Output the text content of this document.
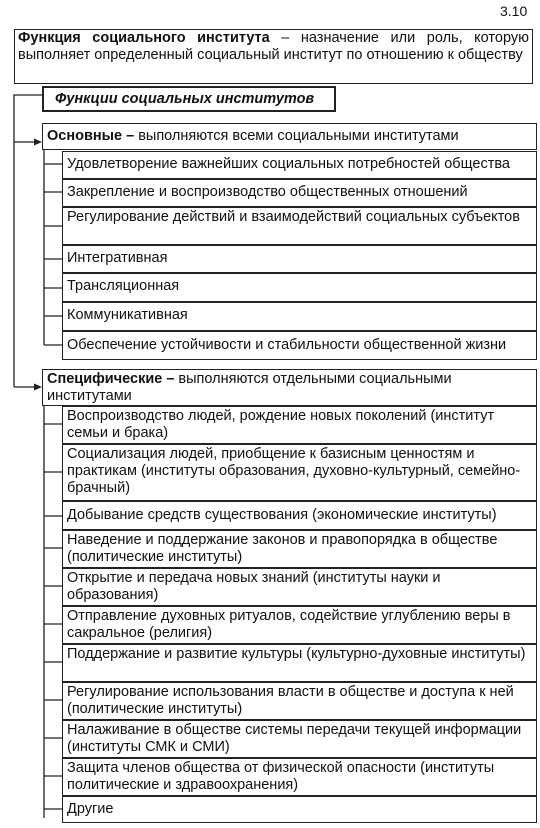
3.10
Функция социального института – назначение или роль, которую выполняет определенный социальный институт по отношению к обществу
Функции социальных институтов
Основные – выполняются всеми социальными институтами
Удовлетворение важнейших социальных потребностей общества
Закрепление и воспроизводство общественных отношений
Регулирование действий и взаимодействий социальных субъектов
Интегративная
Трансляционная
Коммуникативная
Обеспечение устойчивости и стабильности общественной жизни
Специфические – выполняются отдельными социальными институтами
Воспроизводство людей, рождение новых поколений (институт семьи и брака)
Социализация людей, приобщение к базисным ценностям и практикам (институты образования, духовно-культурный, семейно-брачный)
Добывание средств существования (экономические институты)
Наведение и поддержание законов и правопорядка в обществе (политические институты)
Открытие и передача новых знаний (институты науки и образования)
Отправление духовных ритуалов, содействие углублению веры в сакральное (религия)
Поддержание и развитие культуры (культурно-духовные институты)
Регулирование использования власти в обществе и доступа к ней (политические институты)
Налаживание в обществе системы передачи текущей информации (институты СМК и СМИ)
Защита членов общества от физической опасности (институты политические и здравоохранения)
Другие
